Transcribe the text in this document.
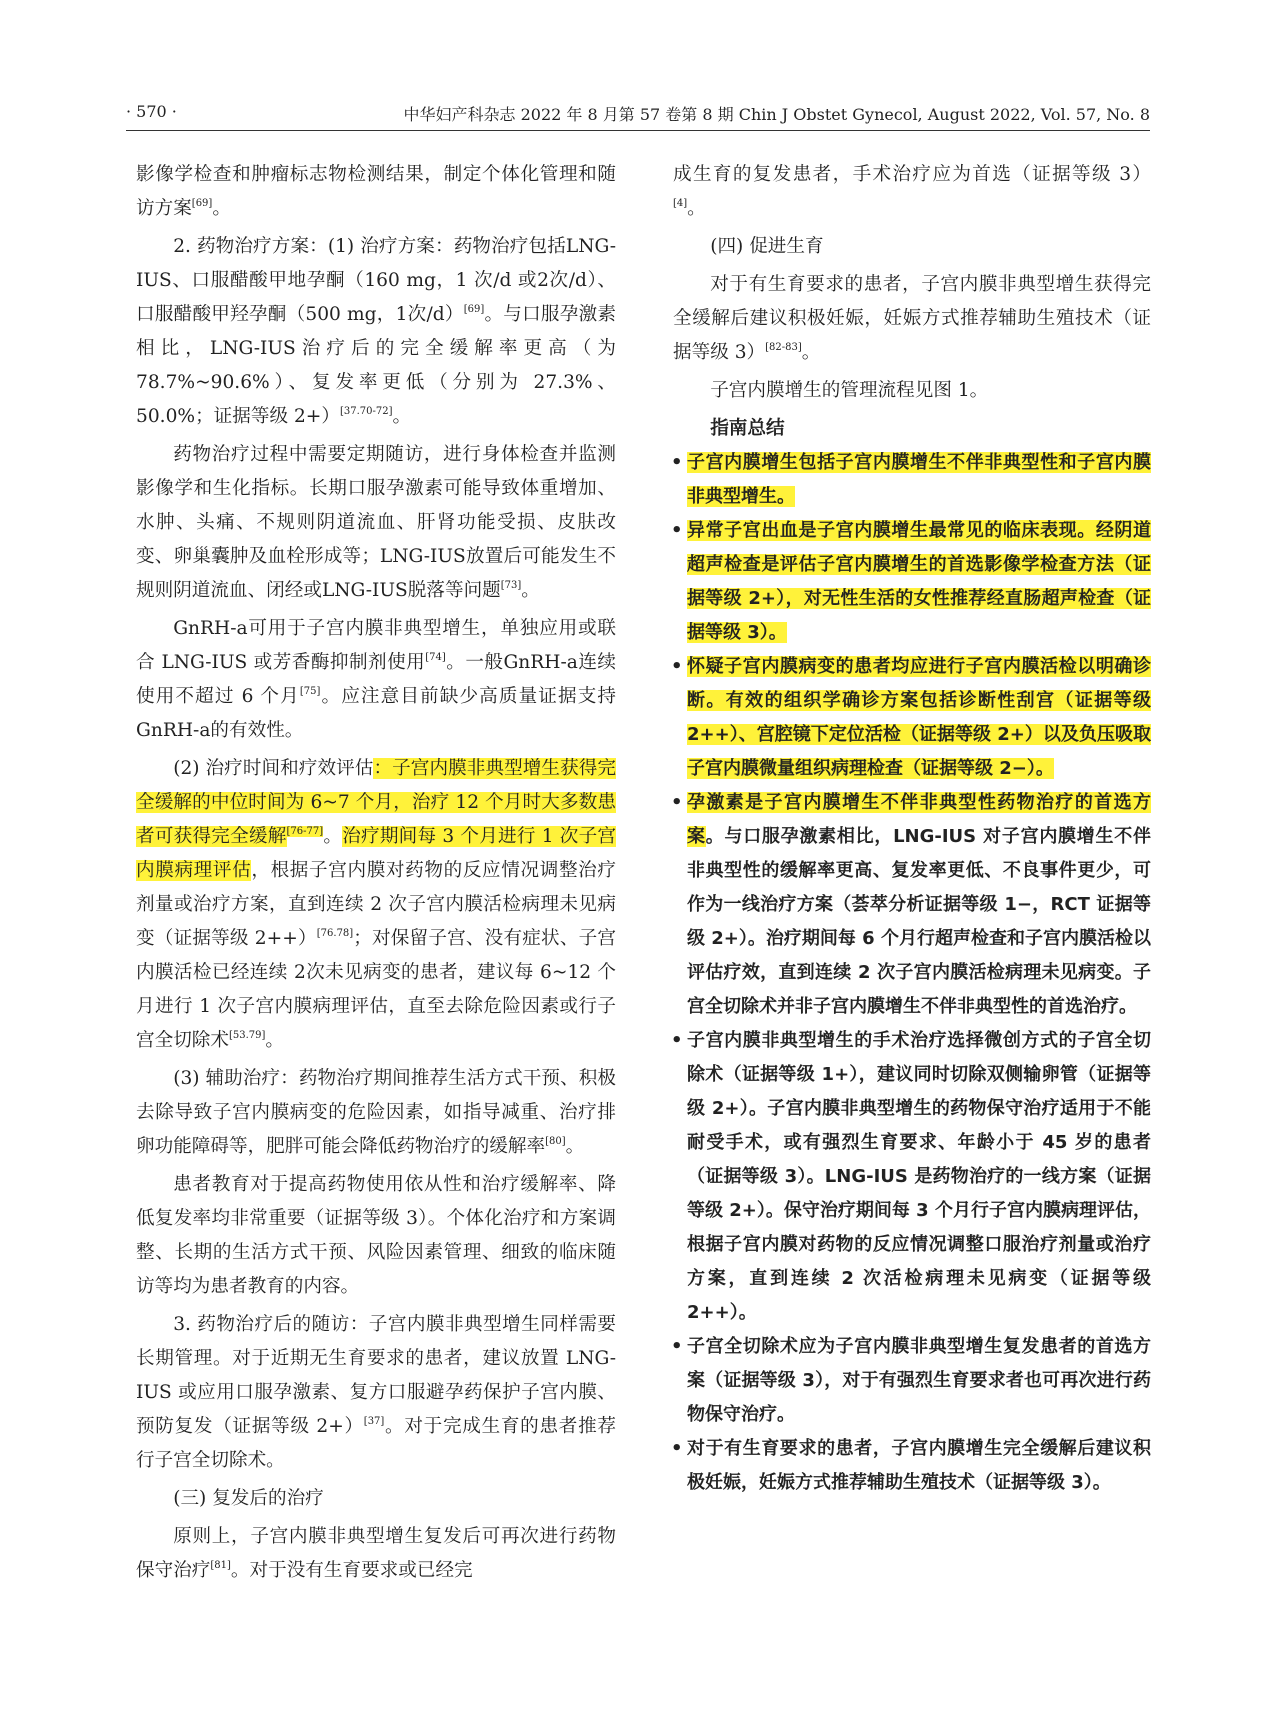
· 570 ·	中华妇产科杂志 2022 年 8 月第 57 卷第 8 期 Chin J Obstet Gynecol, August 2022, Vol. 57, No. 8

影像学检查和肿瘤标志物检测结果，制定个体化管理和随访方案[69]。

2. 药物治疗方案：(1) 治疗方案：药物治疗包括LNG-IUS、口服醋酸甲地孕酮（160 mg，1 次/d 或2次/d）、口服醋酸甲羟孕酮（500 mg，1次/d）[69]。与口服孕激素相比，LNG-IUS治疗后的完全缓解率更高（为 78.7%~90.6%）、复发率更低（分别为 27.3%、50.0%；证据等级 2+）[37.70-72]。

药物治疗过程中需要定期随访，进行身体检查并监测影像学和生化指标。长期口服孕激素可能导致体重增加、水肿、头痛、不规则阴道流血、肝肾功能受损、皮肤改变、卵巢囊肿及血栓形成等；LNG-IUS放置后可能发生不规则阴道流血、闭经或LNG-IUS脱落等问题[73]。

GnRH-a可用于子宫内膜非典型增生，单独应用或联合 LNG-IUS 或芳香酶抑制剂使用[74]。一般GnRH-a连续使用不超过 6 个月[75]。应注意目前缺少高质量证据支持 GnRH-a的有效性。

(2) 治疗时间和疗效评估：子宫内膜非典型增生获得完全缓解的中位时间为 6~7 个月，治疗 12 个月时大多数患者可获得完全缓解[76-77]。治疗期间每 3 个月进行 1 次子宫内膜病理评估，根据子宫内膜对药物的反应情况调整治疗剂量或治疗方案，直到连续 2 次子宫内膜活检病理未见病变（证据等级 2++）[76.78]；对保留子宫、没有症状、子宫内膜活检已经连续 2次未见病变的患者，建议每 6~12 个月进行 1 次子宫内膜病理评估，直至去除危险因素或行子宫全切除术[53.79]。

(3) 辅助治疗：药物治疗期间推荐生活方式干预、积极去除导致子宫内膜病变的危险因素，如指导减重、治疗排卵功能障碍等，肥胖可能会降低药物治疗的缓解率[80]。

患者教育对于提高药物使用依从性和治疗缓解率、降低复发率均非常重要（证据等级 3）。个体化治疗和方案调整、长期的生活方式干预、风险因素管理、细致的临床随访等均为患者教育的内容。

3. 药物治疗后的随访：子宫内膜非典型增生同样需要长期管理。对于近期无生育要求的患者，建议放置 LNG-IUS 或应用口服孕激素、复方口服避孕药保护子宫内膜、预防复发（证据等级 2+）[37]。对于完成生育的患者推荐行子宫全切除术。

(三) 复发后的治疗

原则上，子宫内膜非典型增生复发后可再次进行药物保守治疗[81]。对于没有生育要求或已经完

成生育的复发患者，手术治疗应为首选（证据等级 3）[4]。

(四) 促进生育

对于有生育要求的患者，子宫内膜非典型增生获得完全缓解后建议积极妊娠，妊娠方式推荐辅助生殖技术（证据等级 3）[82-83]。

子宫内膜增生的管理流程见图 1。

指南总结

• 子宫内膜增生包括子宫内膜增生不伴非典型性和子宫内膜非典型增生。

• 异常子宫出血是子宫内膜增生最常见的临床表现。经阴道超声检查是评估子宫内膜增生的首选影像学检查方法（证据等级 2+），对无性生活的女性推荐经直肠超声检查（证据等级 3）。

• 怀疑子宫内膜病变的患者均应进行子宫内膜活检以明确诊断。有效的组织学确诊方案包括诊断性刮宫（证据等级 2++）、宫腔镜下定位活检（证据等级 2+）以及负压吸取子宫内膜微量组织病理检查（证据等级 2−）。

• 孕激素是子宫内膜增生不伴非典型性药物治疗的首选方案。与口服孕激素相比，LNG-IUS 对子宫内膜增生不伴非典型性的缓解率更高、复发率更低、不良事件更少，可作为一线治疗方案（荟萃分析证据等级 1−，RCT 证据等级 2+）。治疗期间每 6 个月行超声检查和子宫内膜活检以评估疗效，直到连续 2 次子宫内膜活检病理未见病变。子宫全切除术并非子宫内膜增生不伴非典型性的首选治疗。

• 子宫内膜非典型增生的手术治疗选择微创方式的子宫全切除术（证据等级 1+），建议同时切除双侧输卵管（证据等级 2+）。子宫内膜非典型增生的药物保守治疗适用于不能耐受手术，或有强烈生育要求、年龄小于 45 岁的患者（证据等级 3）。LNG-IUS 是药物治疗的一线方案（证据等级 2+）。保守治疗期间每 3 个月行子宫内膜病理评估，根据子宫内膜对药物的反应情况调整口服治疗剂量或治疗方案，直到连续 2 次活检病理未见病变（证据等级 2++）。

• 子宫全切除术应为子宫内膜非典型增生复发患者的首选方案（证据等级 3），对于有强烈生育要求者也可再次进行药物保守治疗。

• 对于有生育要求的患者，子宫内膜增生完全缓解后建议积极妊娠，妊娠方式推荐辅助生殖技术（证据等级 3）。
